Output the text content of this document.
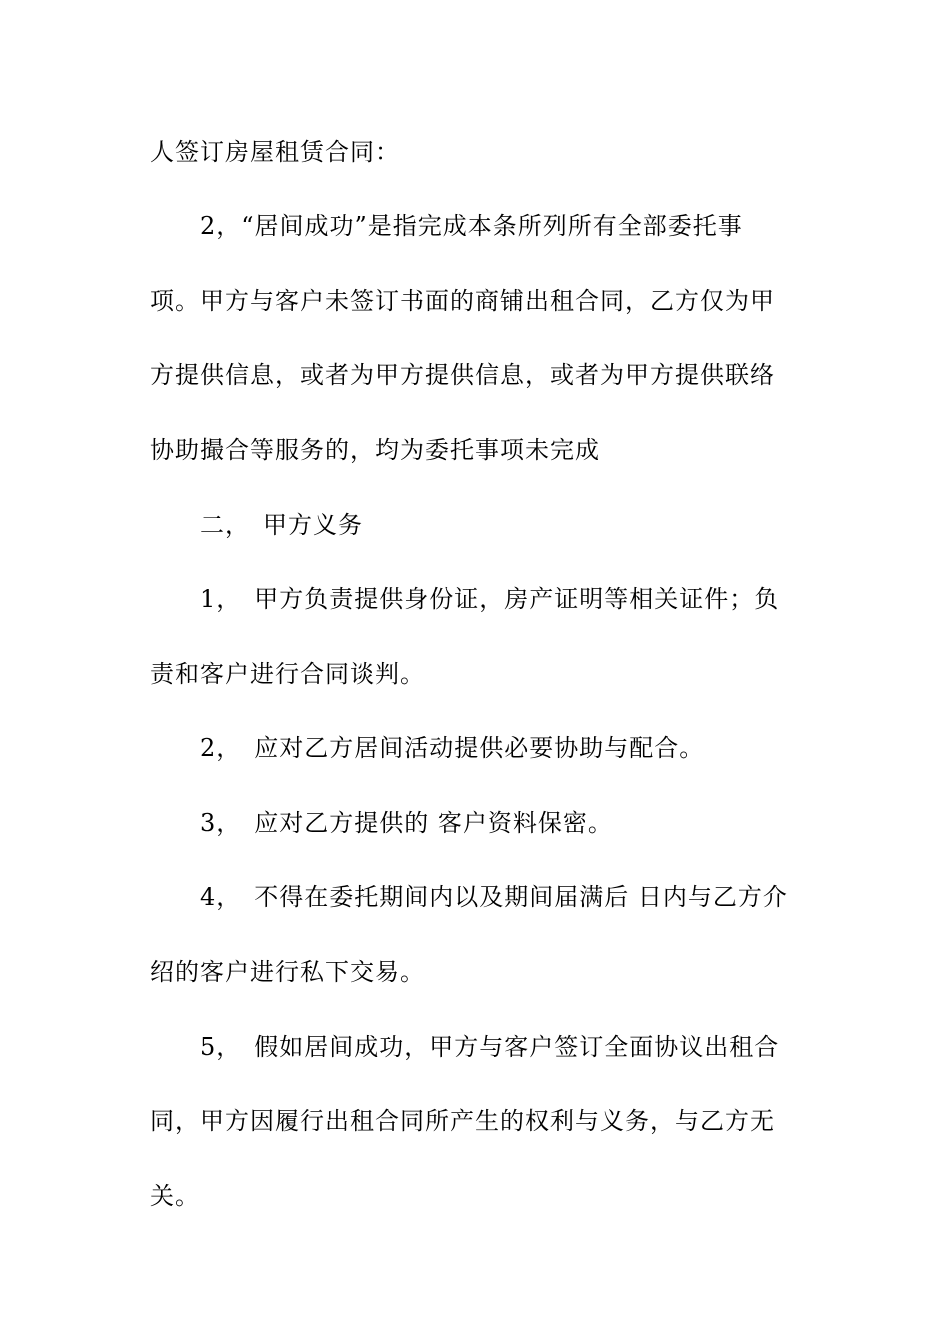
人签订房屋租赁合同：

2，“居间成功”是指完成本条所列所有全部委托事

项。甲方与客户未签订书面的商铺出租合同，乙方仅为甲

方提供信息，或者为甲方提供信息，或者为甲方提供联络

协助撮合等服务的，均为委托事项未完成

二，　甲方义务

1，　甲方负责提供身份证，房产证明等相关证件；负

责和客户进行合同谈判。

2，　应对乙方居间活动提供必要协助与配合。

3，　应对乙方提供的 客户资料保密。

4，　不得在委托期间内以及期间届满后 日内与乙方介

绍的客户进行私下交易。

5，　假如居间成功，甲方与客户签订全面协议出租合

同，甲方因履行出租合同所产生的权利与义务，与乙方无

关。
